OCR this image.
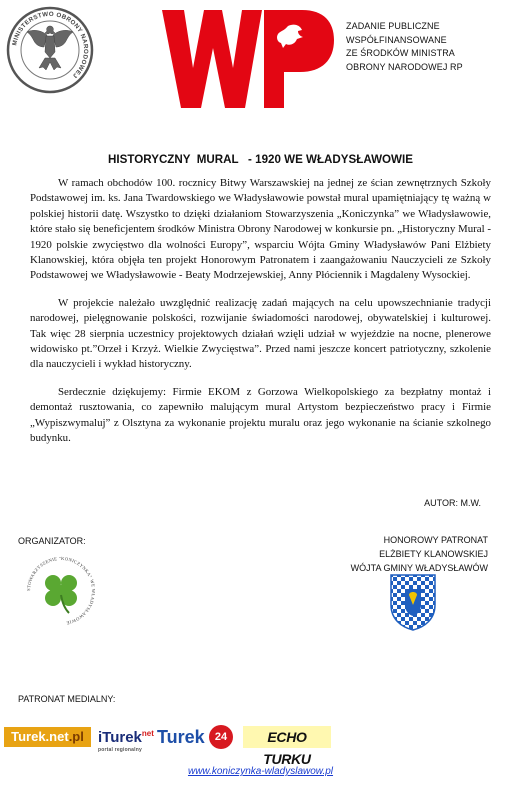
MINISTERSTWO OBRONY NARODOWEJ
WOJSKO POLSKIE
ZADANIE PUBLICZNE
WSPÓŁFINANSOWANE
ZE ŚRODKÓW MINISTRA
OBRONY NARODOWEJ RP
HISTORYCZNY  MURAL   - 1920 WE WŁADYSŁAWOWIE

W ramach obchodów 100. rocznicy Bitwy Warszawskiej na jednej ze ścian zewnętrznych Szkoły Podstawowej im. ks. Jana Twardowskiego we Władysławowie powstał mural upamiętniający tę ważną w polskiej historii datę. Wszystko to dzięki działaniom Stowarzyszenia „Koniczynka” we Władysławowie, które stało się beneficjentem środków Ministra Obrony Narodowej w konkursie pn. „Historyczny Mural - 1920 polskie zwycięstwo dla wolności Europy”, wsparciu Wójta Gminy Władysławów Pani Elżbiety Klanowskiej, która objęła ten projekt Honorowym Patronatem i zaangażowaniu Nauczycieli ze Szkoły Podstawowej we Władysławowie - Beaty Modrzejewskiej, Anny Płóciennik i Magdaleny Wysockiej.

W projekcie należało uwzględnić realizację zadań mających na celu upowszechnianie tradycji narodowej, pielęgnowanie polskości, rozwijanie świadomości narodowej, obywatelskiej i kulturowej. Tak więc 28 sierpnia uczestnicy projektowych działań wzięli udział w wyjeździe na nocne, plenerowe widowisko pt.”Orzeł i Krzyż. Wielkie Zwycięstwa”. Przed nami jeszcze koncert patriotyczny, szkolenie dla nauczycieli i wykład historyczny.

Serdecznie dziękujemy: Firmie EKOM z Gorzowa Wielkopolskiego za bezpłatny montaż i demontaż rusztowania, co zapewniło malującym mural Artystom bezpieczeństwo pracy i Firmie „Wypiszwymaluj” z Olsztyna za wykonanie projektu muralu oraz jego wykonanie na ścianie szkolnego budynku.

AUTOR: M.W.
ORGANIZATOR:	HONOROWY PATRONAT
ELŻBIETY KLANOWSKIEJ
WÓJTA GMINY WŁADYSŁAWÓW
STOWARZYSZENIE "KONICZYNKA" WE WŁADYSŁAWOWIE
PATRONAT MEDIALNY:
Turek.net.pl iTurek$^{net}$
portal regionalny
Turek 24	ECHO TURKU
www.koniczynka-wladyslawow.pl
